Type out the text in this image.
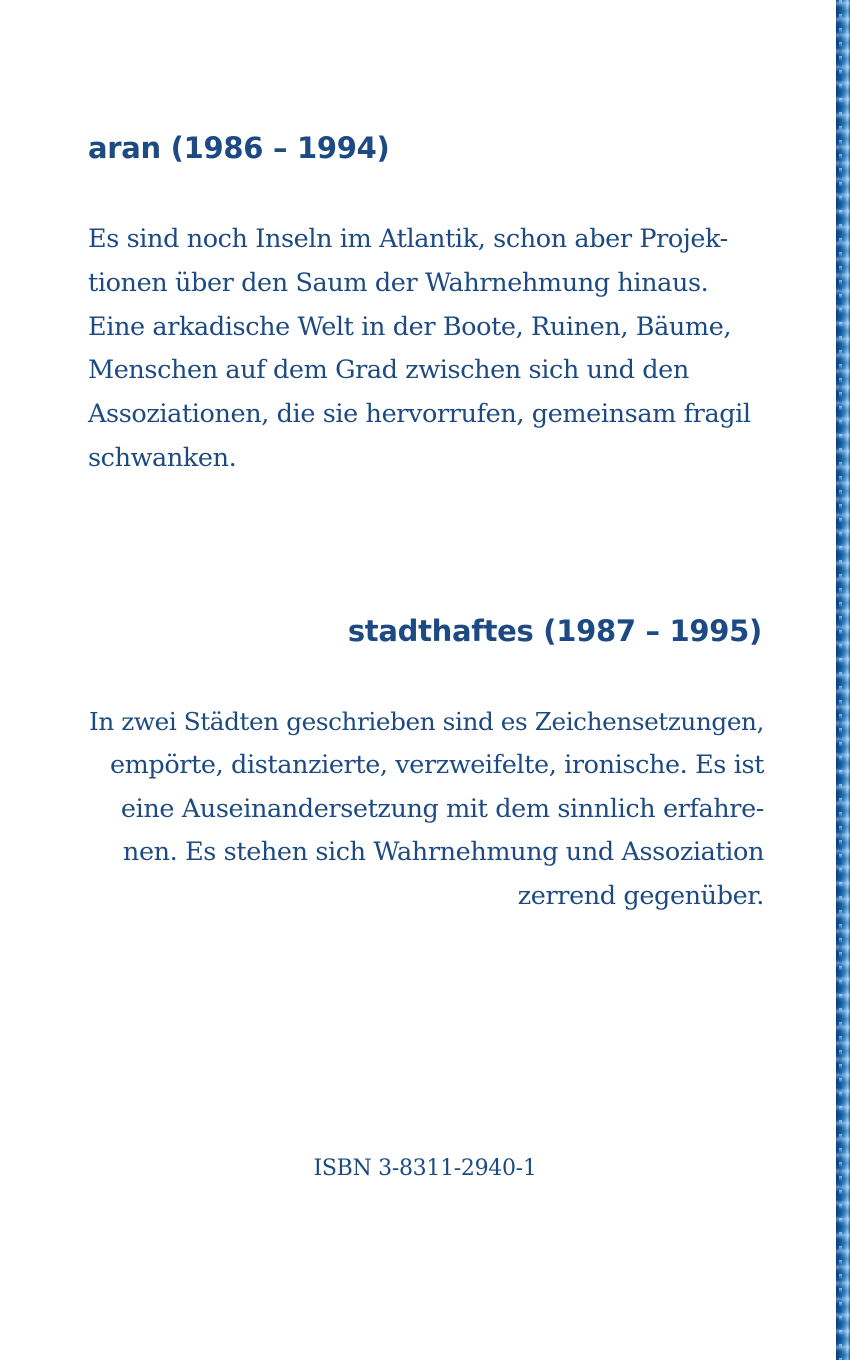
aran (1986 – 1994)
Es sind noch Inseln im Atlantik, schon aber Projek-
tionen über den Saum der Wahrnehmung hinaus.
Eine arkadische Welt in der Boote, Ruinen, Bäume,
Menschen auf dem Grad zwischen sich und den
Assoziationen, die sie hervorrufen, gemeinsam fragil
schwanken.
stadthaftes (1987 – 1995)
In zwei Städten geschrieben sind es Zeichensetzungen,
empörte, distanzierte, verzweifelte, ironische. Es ist
eine Auseinandersetzung mit dem sinnlich erfahre-
nen. Es stehen sich Wahrnehmung und Assoziation
zerrend gegenüber.
ISBN 3-8311-2940-1
